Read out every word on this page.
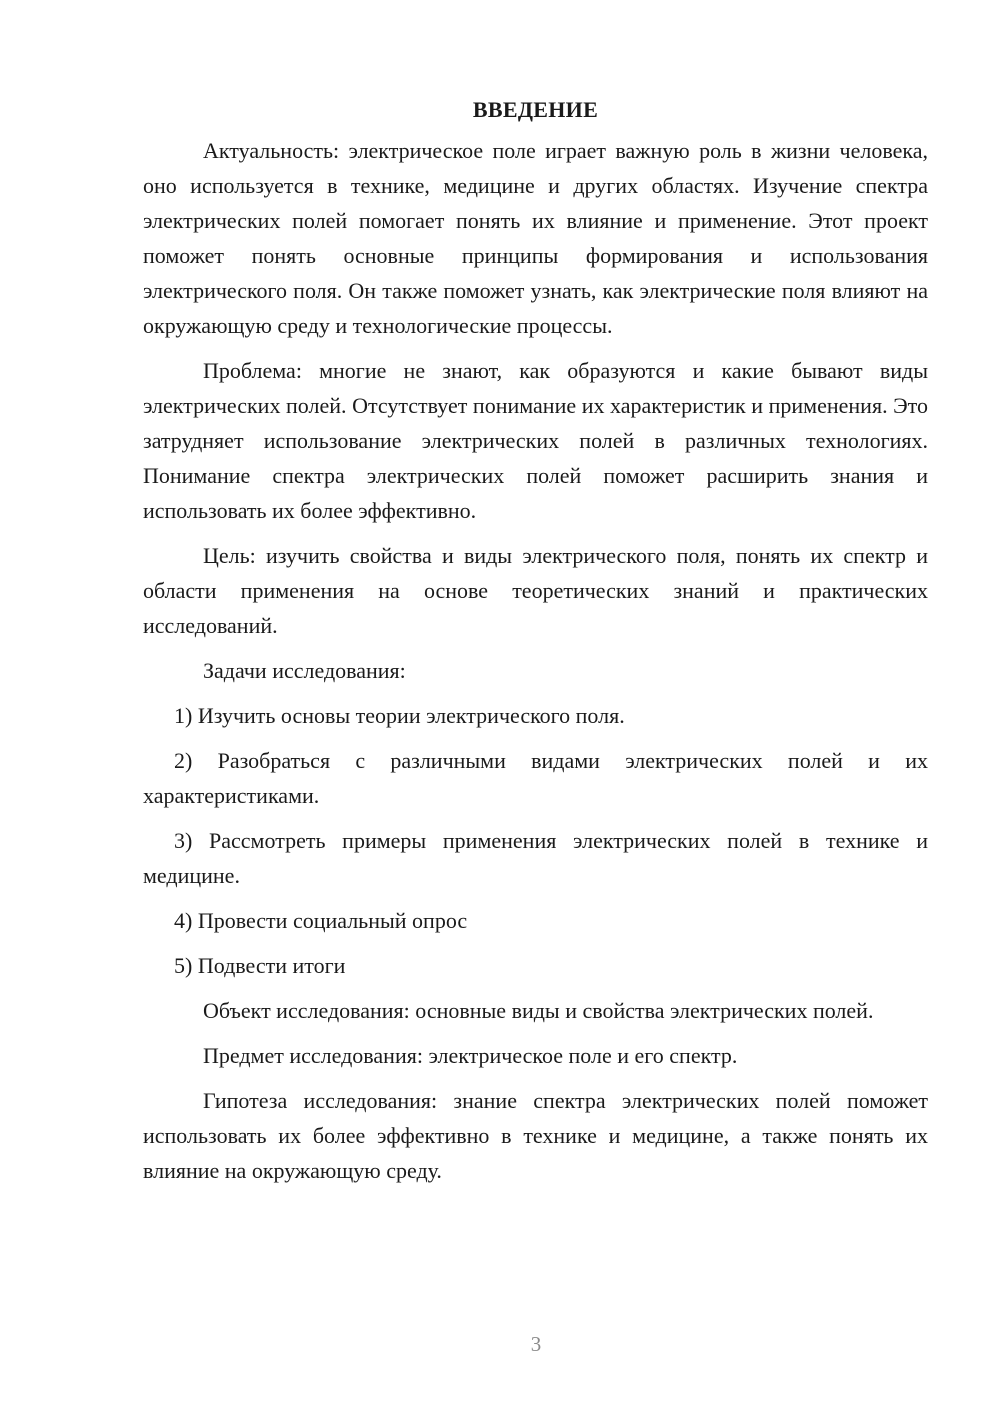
ВВЕДЕНИЕ

Актуальность: электрическое поле играет важную роль в жизни человека, оно используется в технике, медицине и других областях. Изучение спектра электрических полей помогает понять их влияние и применение. Этот проект поможет понять основные принципы формирования и использования электрического поля. Он также поможет узнать, как электрические поля влияют на окружающую среду и технологические процессы.

Проблема: многие не знают, как образуются и какие бывают виды электрических полей. Отсутствует понимание их характеристик и применения. Это затрудняет использование электрических полей в различных технологиях. Понимание спектра электрических полей поможет расширить знания и использовать их более эффективно.

Цель: изучить свойства и виды электрического поля, понять их спектр и области применения на основе теоретических знаний и практических исследований.

Задачи исследования:

1) Изучить основы теории электрического поля.

2) Разобраться с различными видами электрических полей и их характеристиками.

3) Рассмотреть примеры применения электрических полей в технике и медицине.

4) Провести социальный опрос

5) Подвести итоги

Объект исследования: основные виды и свойства электрических полей.

Предмет исследования: электрическое поле и его спектр.

Гипотеза исследования: знание спектра электрических полей поможет использовать их более эффективно в технике и медицине, а также понять их влияние на окружающую среду.

3
